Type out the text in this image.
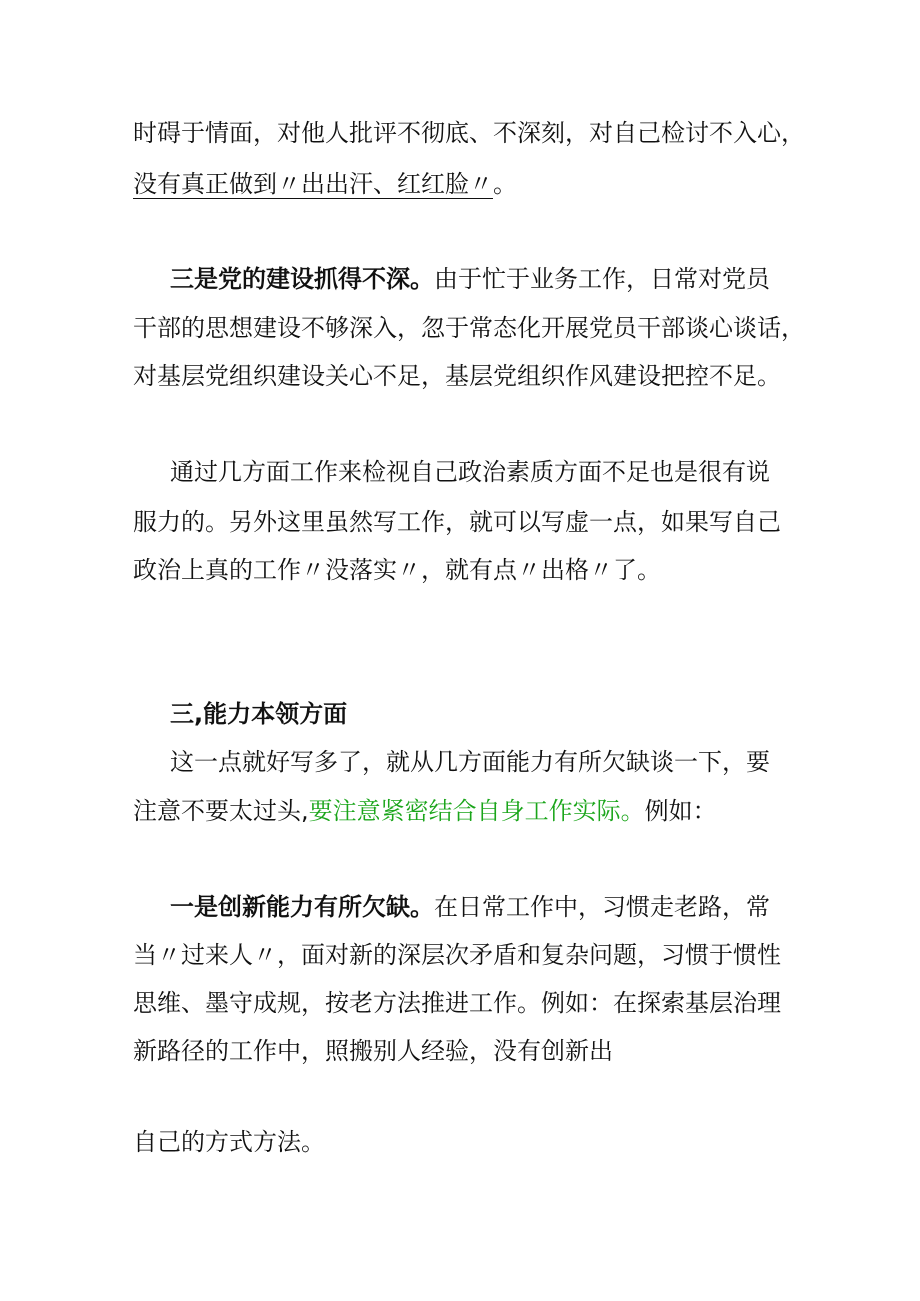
时碍于情面，对他人批评不彻底、不深刻，对自己检讨不入心，
没有真正做到〃出出汗、红红脸〃。
三是党的建设抓得不深。由于忙于业务工作，日常对党员
干部的思想建设不够深入，忽于常态化开展党员干部谈心谈话，
对基层党组织建设关心不足，基层党组织作风建设把控不足。
通过几方面工作来检视自己政治素质方面不足也是很有说
服力的。另外这里虽然写工作，就可以写虚一点，如果写自己
政治上真的工作〃没落实〃，就有点〃出格〃了。
三,能力本领方面
这一点就好写多了，就从几方面能力有所欠缺谈一下，要
注意不要太过头,要注意紧密结合自身工作实际。例如：
一是创新能力有所欠缺。在日常工作中，习惯走老路，常
当〃过来人〃，面对新的深层次矛盾和复杂问题，习惯于惯性
思维、墨守成规，按老方法推进工作。例如：在探索基层治理
新路径的工作中，照搬别人经验，没有创新出
自己的方式方法。
